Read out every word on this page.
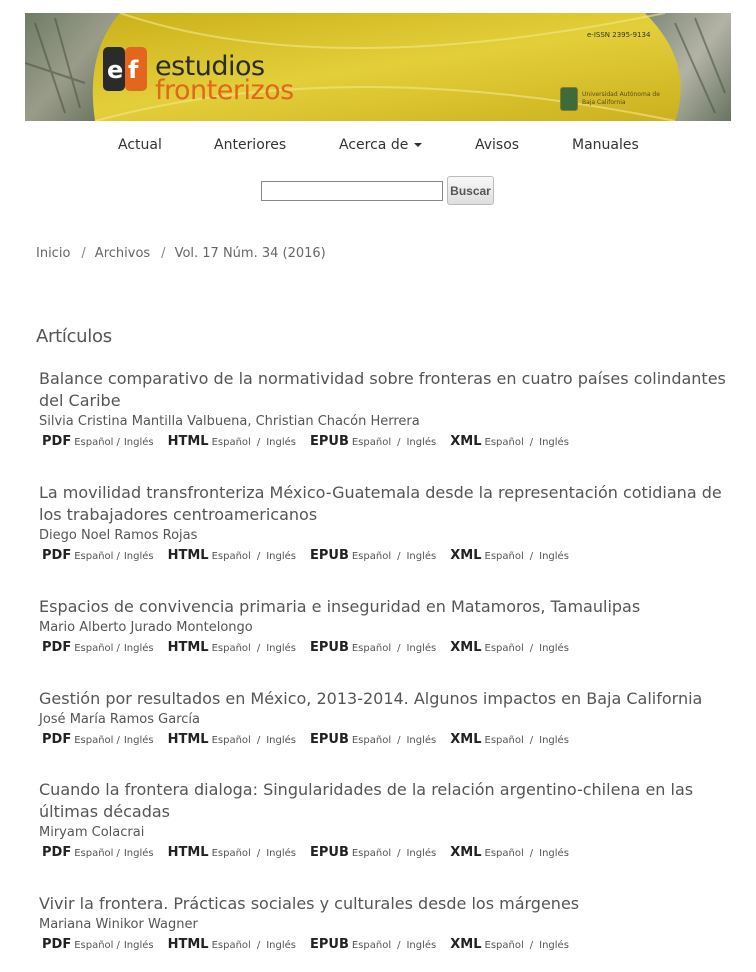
e f estudios
fronterizos
e-ISSN 2395-9134
Universidad Autónoma de Baja California
Actual	Anteriores	Acerca de	Avisos	Manuales
Buscar
Inicio / Archivos / Vol. 17 Núm. 34 (2016)
Artículos
Balance comparativo de la normatividad sobre fronteras en cuatro países colindantes del Caribe
Silvia Cristina Mantilla Valbuena, Christian Chacón Herrera
PDF Español / Inglés HTML Español / Inglés EPUB Español / Inglés XML Español / Inglés
La movilidad transfronteriza México-Guatemala desde la representación cotidiana de los trabajadores centroamericanos
Diego Noel Ramos Rojas
PDF Español / Inglés HTML Español / Inglés EPUB Español / Inglés XML Español / Inglés
Espacios de convivencia primaria e inseguridad en Matamoros, Tamaulipas
Mario Alberto Jurado Montelongo
PDF Español / Inglés HTML Español / Inglés EPUB Español / Inglés XML Español / Inglés
Gestión por resultados en México, 2013-2014. Algunos impactos en Baja California
José María Ramos García
PDF Español / Inglés HTML Español / Inglés EPUB Español / Inglés XML Español / Inglés
Cuando la frontera dialoga: Singularidades de la relación argentino-chilena en las últimas décadas
Miryam Colacrai
PDF Español / Inglés HTML Español / Inglés EPUB Español / Inglés XML Español / Inglés
Vivir la frontera. Prácticas sociales y culturales desde los márgenes
Mariana Winikor Wagner
PDF Español / Inglés HTML Español / Inglés EPUB Español / Inglés XML Español / Inglés
